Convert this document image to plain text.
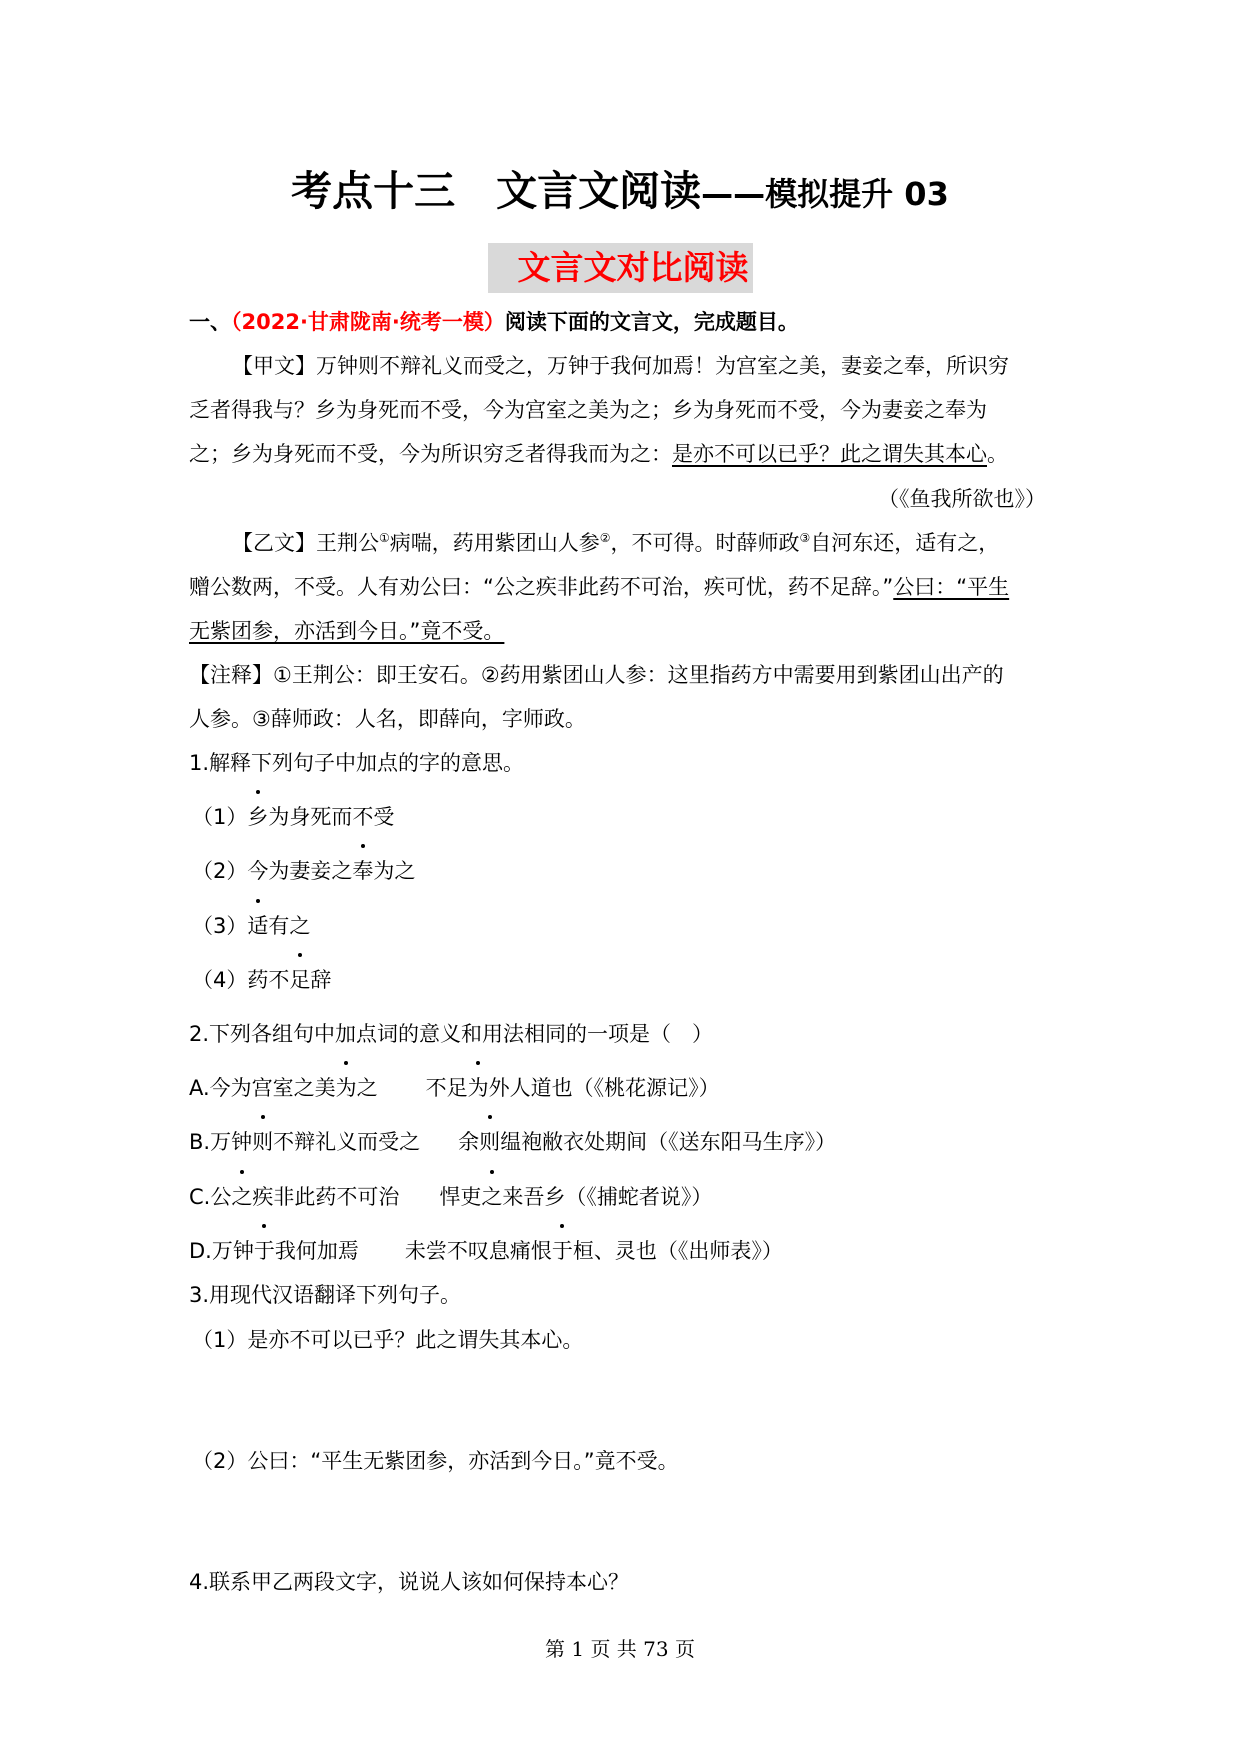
考点十三　文言文阅读——模拟提升 03
文言文对比阅读
一、（2022·甘肃陇南·统考一模）阅读下面的文言文，完成题目。
【甲文】万钟则不辩礼义而受之，万钟于我何加焉！为宫室之美，妻妾之奉，所识穷
乏者得我与？乡为身死而不受，今为宫室之美为之；乡为身死而不受，今为妻妾之奉为
之；乡为身死而不受，今为所识穷乏者得我而为之：是亦不可以已乎？此之谓失其本心。
（《鱼我所欲也》）
【乙文】王荆公①病喘，药用紫团山人参②，不可得。时薛师政③自河东还，适有之，
赠公数两，不受。人有劝公曰：“公之疾非此药不可治，疾可忧，药不足辞。”公曰：“平生
无紫团参，亦活到今日。”竟不受。
【注释】①王荆公：即王安石。②药用紫团山人参：这里指药方中需要用到紫团山出产的
人参。③薛师政：人名，即薛向，字师政。
1.解释下列句子中加点的字的意思。
（1）乡为身死而不受
（2）今为妻妾之奉为之
（3）适有之
（4）药不足辞
2.下列各组句中加点词的意义和用法相同的一项是（　）
A.今为宫室之美为之 不足为外人道也（《桃花源记》）
B.万钟则不辩礼义而受之 余则缊袍敝衣处期间（《送东阳马生序》）
C.公之疾非此药不可治 悍吏之来吾乡（《捕蛇者说》）
D.万钟于我何加焉 未尝不叹息痛恨于桓、灵也（《出师表》）
3.用现代汉语翻译下列句子。
（1）是亦不可以已乎？此之谓失其本心。
（2）公曰：“平生无紫团参，亦活到今日。”竟不受。
4.联系甲乙两段文字，说说人该如何保持本心？
第 1 页 共 73 页
